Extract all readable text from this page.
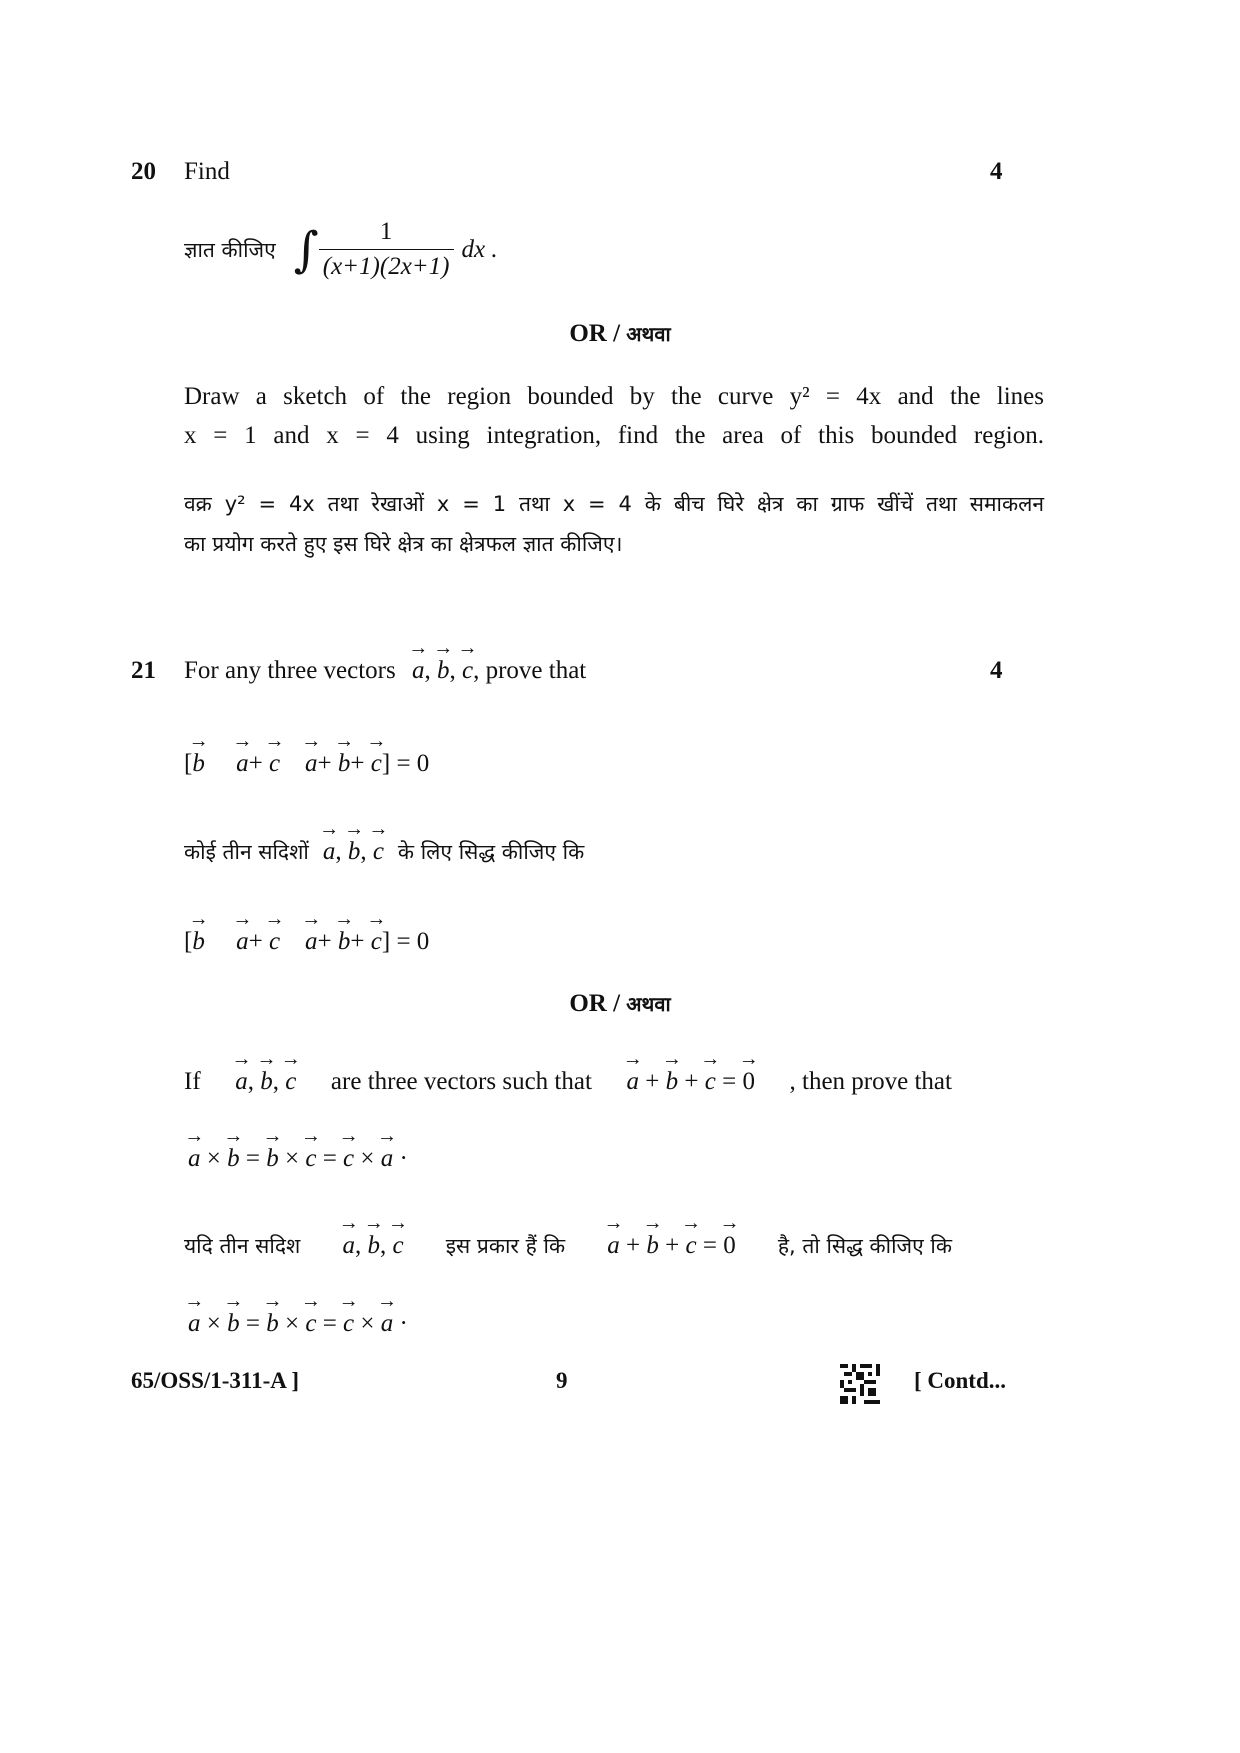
20 Find	4
ज्ञात कीजिए ∫ $\frac{1}{(x+1)(2x+1)}$ dx .
OR / अथवा
Draw a sketch of the region bounded by the curve y² = 4x and the lines
x = 1 and x = 4 using integration, find the area of this bounded region.
वक्र y² = 4x तथा रेखाओं x = 1 तथा x = 4 के बीच घिरे क्षेत्र का ग्राफ खींचें तथा समाकलन
का प्रयोग करते हुए इस घिरे क्षेत्र का क्षेत्रफल ज्ञात कीजिए।
21 For any three vectors → a, → b, → c, prove that	4
[→ b → a+ → c → a+ → b+ → c] = 0
कोई तीन सदिशों → a, → b, → c के लिए सिद्ध कीजिए कि
[→ b → a+ → c → a+ → b+ → c] = 0
OR / अथवा
If → a, → b, → c are three vectors such that → a + → b + → c = → 0 , then prove that
→ a × → b = → b × → c = → c × → a ·
यदि तीन सदिश → a, → b, → c इस प्रकार हैं कि → a + → b + → c = → 0 है, तो सिद्ध कीजिए कि
→ a × → b = → b × → c = → c × → a ·
65/OSS/1-311-A ]	9	[ Contd...
